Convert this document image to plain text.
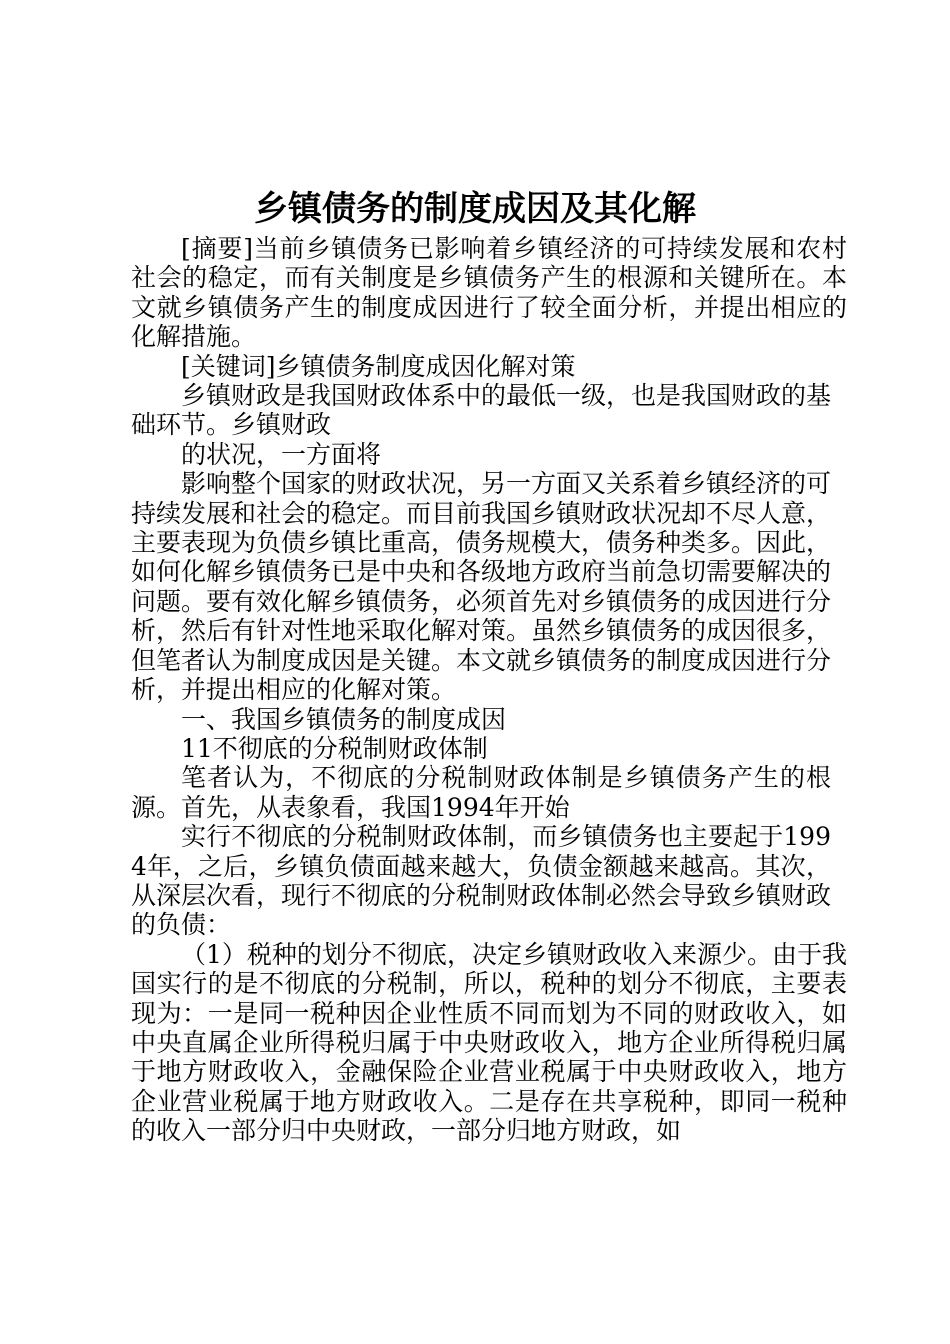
乡镇债务的制度成因及其化解

[摘要]当前乡镇债务已影响着乡镇经济的可持续发展和农村社会的稳定，而有关制度是乡镇债务产生的根源和关键所在。本文就乡镇债务产生的制度成因进行了较全面分析，并提出相应的化解措施。

[关键词]乡镇债务制度成因化解对策

乡镇财政是我国财政体系中的最低一级，也是我国财政的基础环节。乡镇财政

的状况，一方面将

影响整个国家的财政状况，另一方面又关系着乡镇经济的可持续发展和社会的稳定。而目前我国乡镇财政状况却不尽人意，主要表现为负债乡镇比重高，债务规模大，债务种类多。因此，如何化解乡镇债务已是中央和各级地方政府当前急切需要解决的问题。要有效化解乡镇债务，必须首先对乡镇债务的成因进行分析，然后有针对性地采取化解对策。虽然乡镇债务的成因很多，但笔者认为制度成因是关键。本文就乡镇债务的制度成因进行分析，并提出相应的化解对策。

一、我国乡镇债务的制度成因

11不彻底的分税制财政体制

笔者认为，不彻底的分税制财政体制是乡镇债务产生的根源。首先，从表象看，我国1994年开始

实行不彻底的分税制财政体制，而乡镇债务也主要起于1994年，之后，乡镇负债面越来越大，负债金额越来越高。其次，从深层次看，现行不彻底的分税制财政体制必然会导致乡镇财政的负债：

（1）税种的划分不彻底，决定乡镇财政收入来源少。由于我国实行的是不彻底的分税制，所以，税种的划分不彻底，主要表现为：一是同一税种因企业性质不同而划为不同的财政收入，如中央直属企业所得税归属于中央财政收入，地方企业所得税归属于地方财政收入，金融保险企业营业税属于中央财政收入，地方企业营业税属于地方财政收入。二是存在共享税种，即同一税种的收入一部分归中央财政，一部分归地方财政，如
